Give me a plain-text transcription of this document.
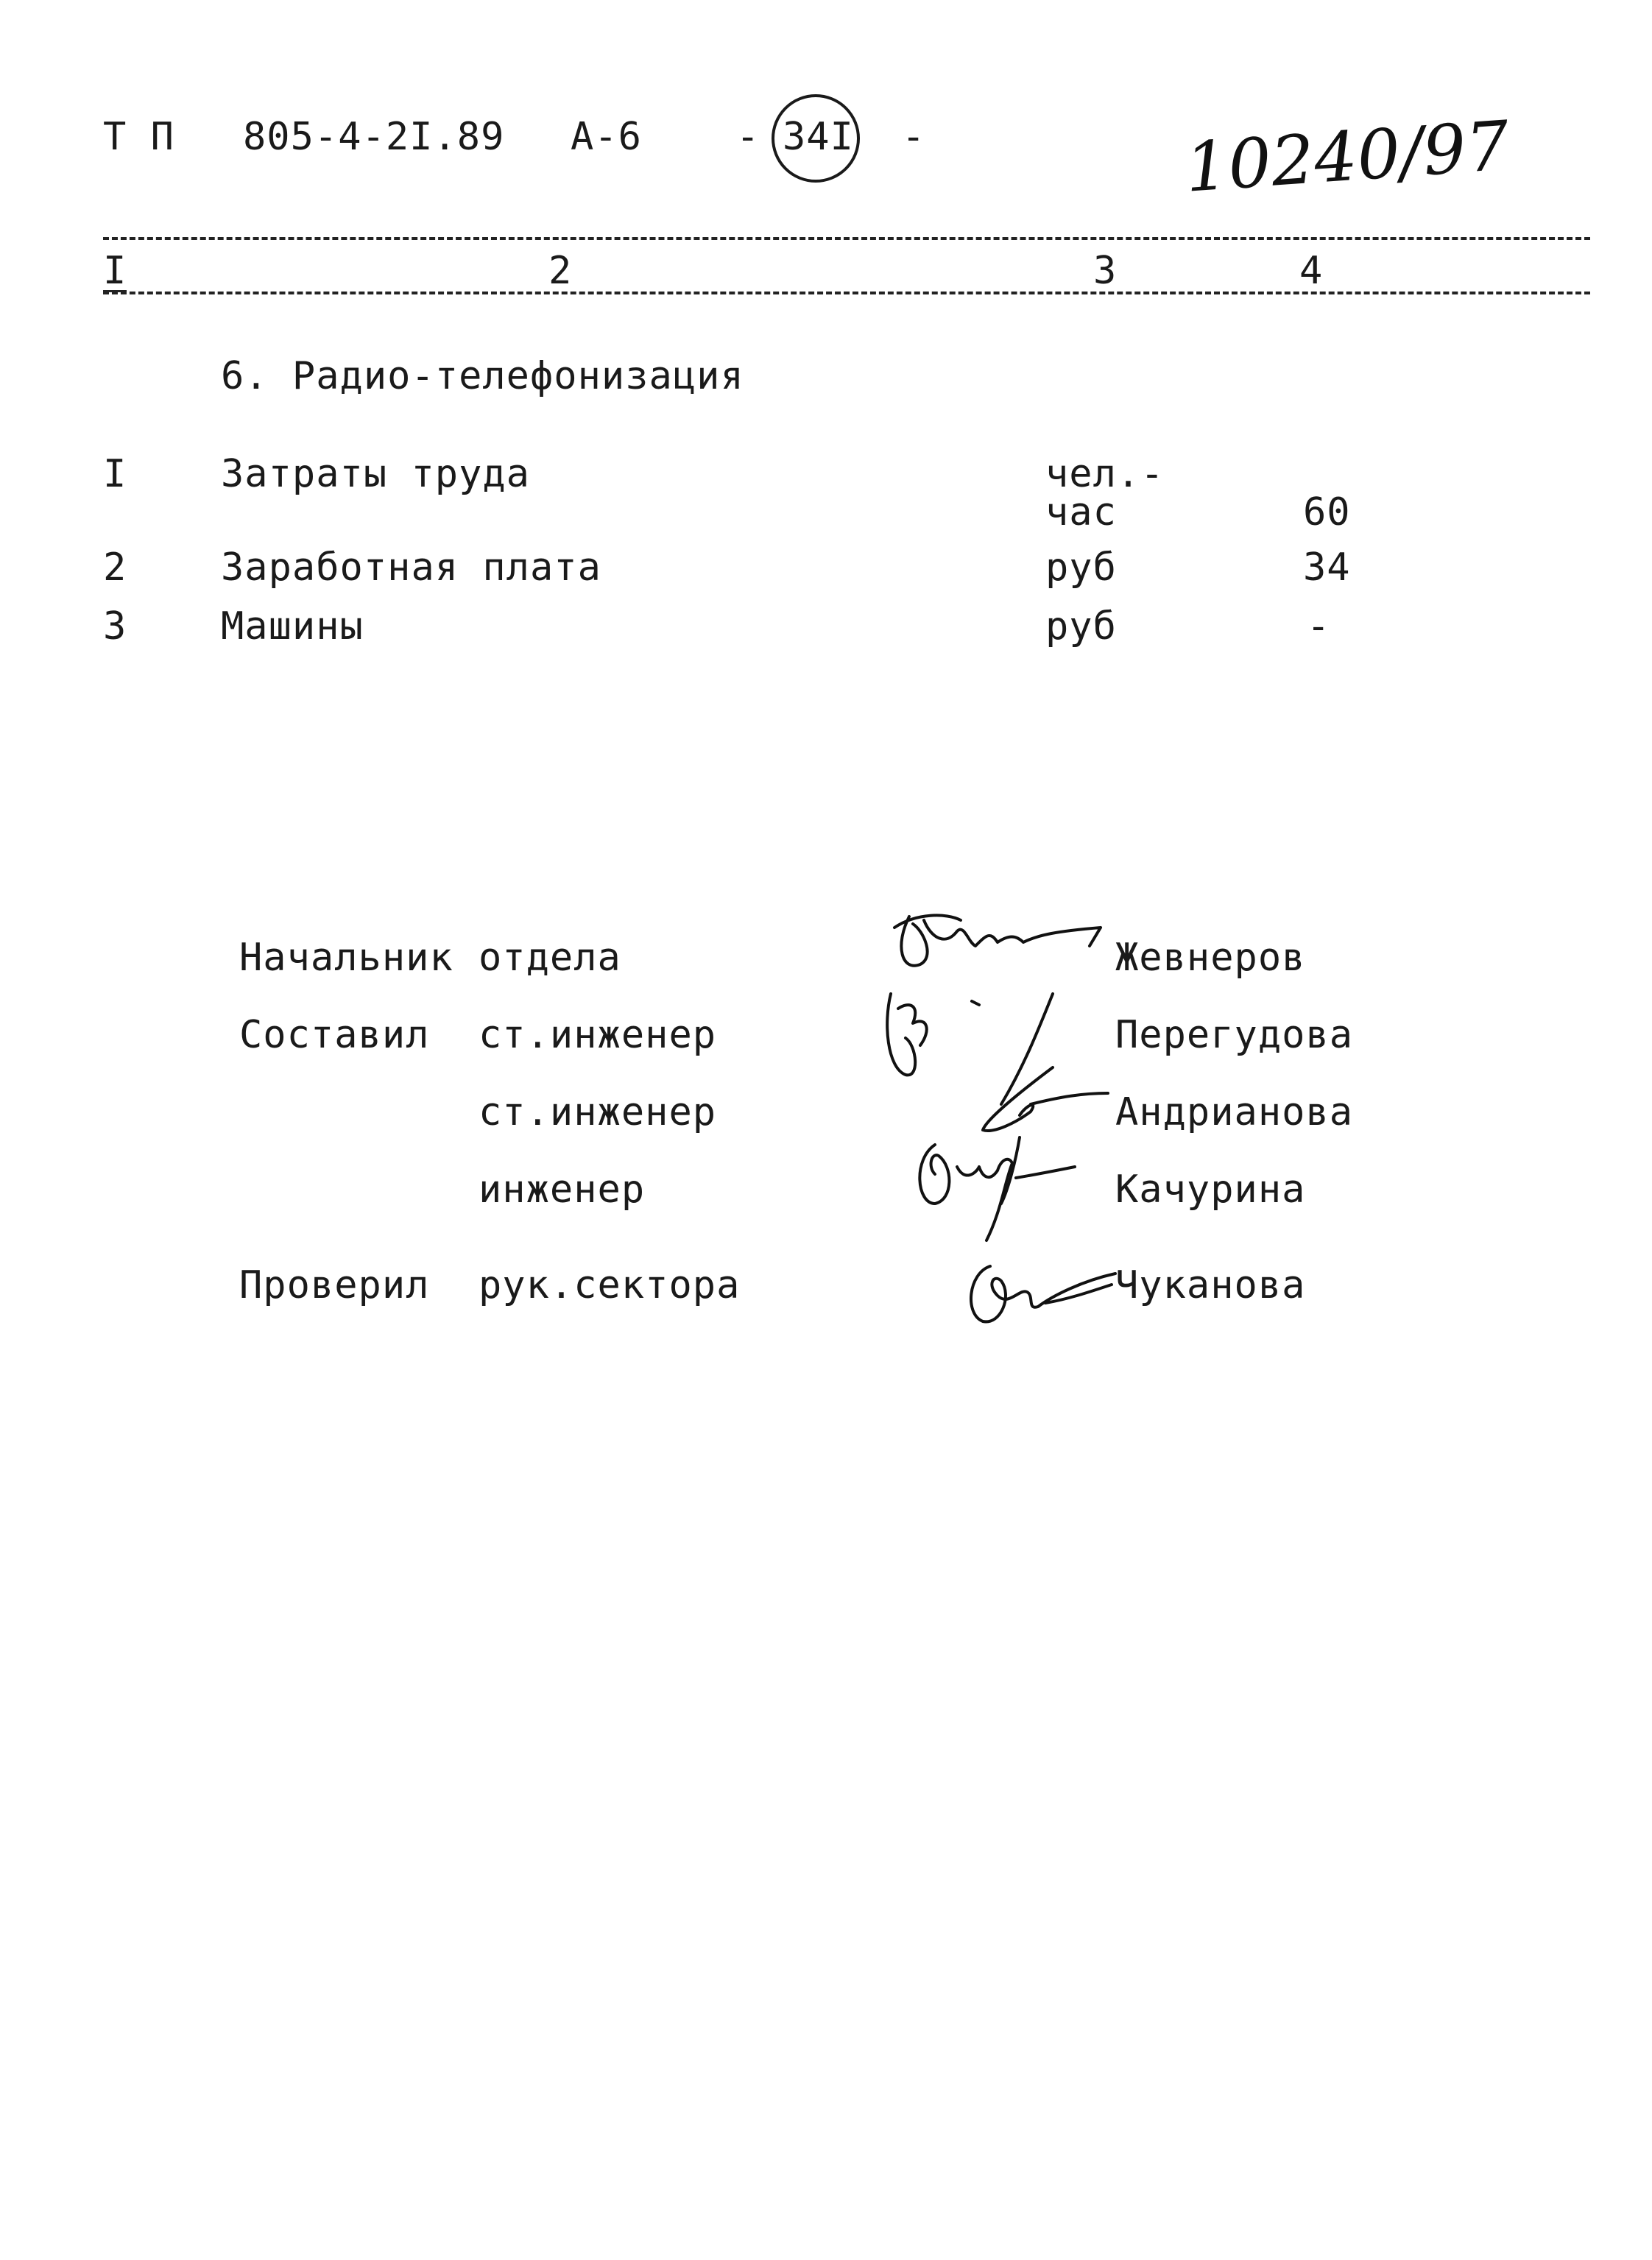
Т П 805-4-2I.89 А-6 - 34I -	10240/97
I	2	3	4
6. Радио-телефонизация
I Затраты труда	чел.-
час	60
2 Заработная плата	руб	34
3 Машины	руб	-
Начальник отдела	Жевнеров
Составил ст.инженер	Перегудова
ст.инженер	Андрианова
инженер	Качурина
Проверил рук.сектора	Чуканова
